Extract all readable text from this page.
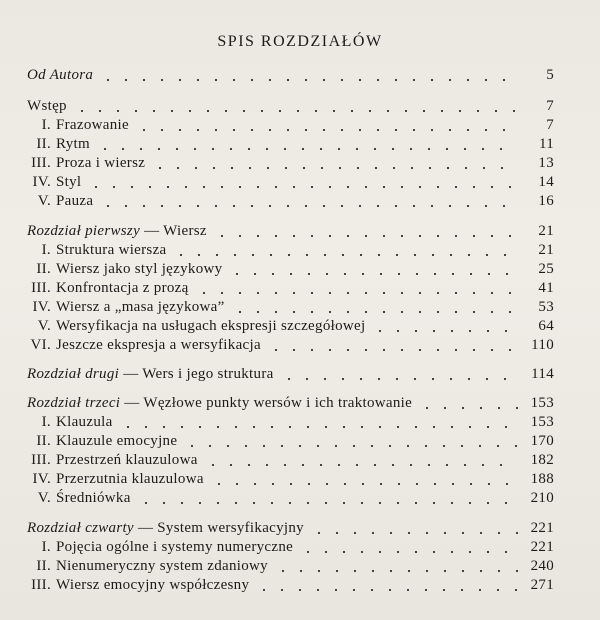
SPIS ROZDZIAŁÓW
Od Autora	5
Wstęp	7
I. Frazowanie	7
II. Rytm	11
III. Proza i wiersz	13
IV. Styl	14
V. Pauza	16
Rozdział pierwszy — Wiersz	21
I. Struktura wiersza	21
II. Wiersz jako styl językowy	25
III. Konfrontacja z prozą	41
IV. Wiersz a „masa językowa”	53
V. Wersyfikacja na usługach ekspresji szczegółowej	64
VI. Jeszcze ekspresja a wersyfikacja	110
Rozdział drugi — Wers i jego struktura	114
Rozdział trzeci — Węzłowe punkty wersów i ich traktowanie	153
I. Klauzula	153
II. Klauzule emocyjne	170
III. Przestrzeń klauzulowa	182
IV. Przerzutnia klauzulowa	188
V. Średniówka	210
Rozdział czwarty — System wersyfikacyjny	221
I. Pojęcia ogólne i systemy numeryczne	221
II. Nienumeryczny system zdaniowy	240
III. Wiersz emocyjny współczesny	271
